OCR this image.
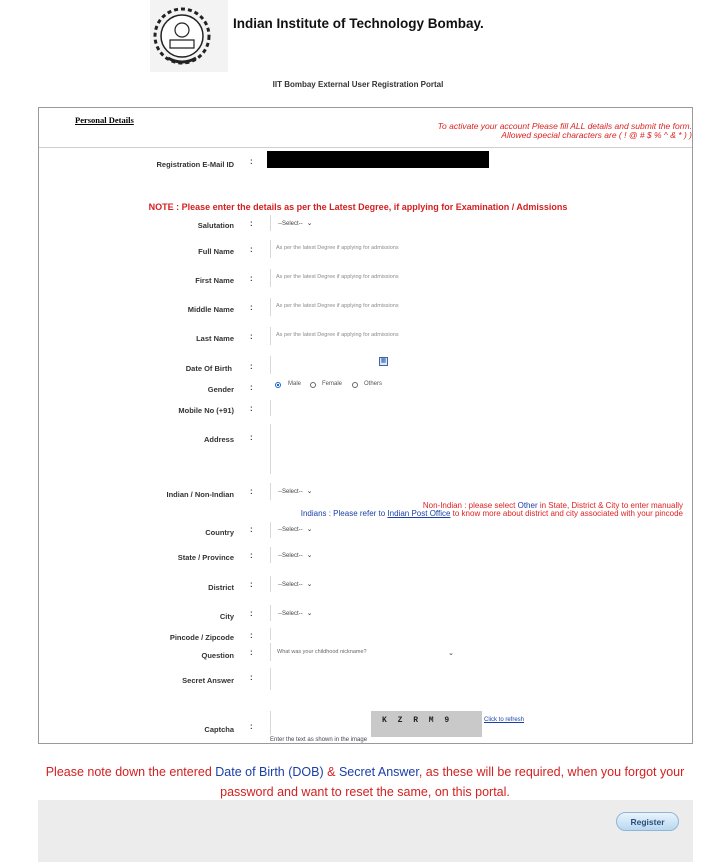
Indian Institute of Technology Bombay.
IIT Bombay External User Registration Portal
Personal Details
To activate your account Please fill ALL details and submit the form.
Allowed special characters are ( ! @ # $ % ^ & * ) )
Registration E-Mail ID :
NOTE : Please enter the details as per the Latest Degree, if applying for Examination / Admissions
Salutation :	--Select-- ⌄
Full Name :	As per the latest Degree if applying for admissions
First Name :	As per the latest Degree if applying for admissions
Middle Name :	As per the latest Degree if applying for admissions
Last Name :	As per the latest Degree if applying for admissions
Date Of Birth :
▦
Gender :	Male	Female	Others
Mobile No (+91) :
Address :
Indian / Non-Indian :	--Select-- ⌄
Non-Indian : please select Other in State, District & City to enter manually
Indians : Please refer to Indian Post Office to know more about district and city associated with your pincode
Country :	--Select-- ⌄
State / Province :	--Select-- ⌄
District :	--Select-- ⌄
City :	--Select-- ⌄
Pincode / Zipcode :
Question :	What was your childhood nickname?	⌄
Secret Answer :
Captcha :
K Z R M 9	Click to refresh
Enter the text as shown in the image
Please note down the entered Date of Birth (DOB) & Secret Answer, as these will be required, when you forgot your password and want to reset the same, on this portal.
Register
